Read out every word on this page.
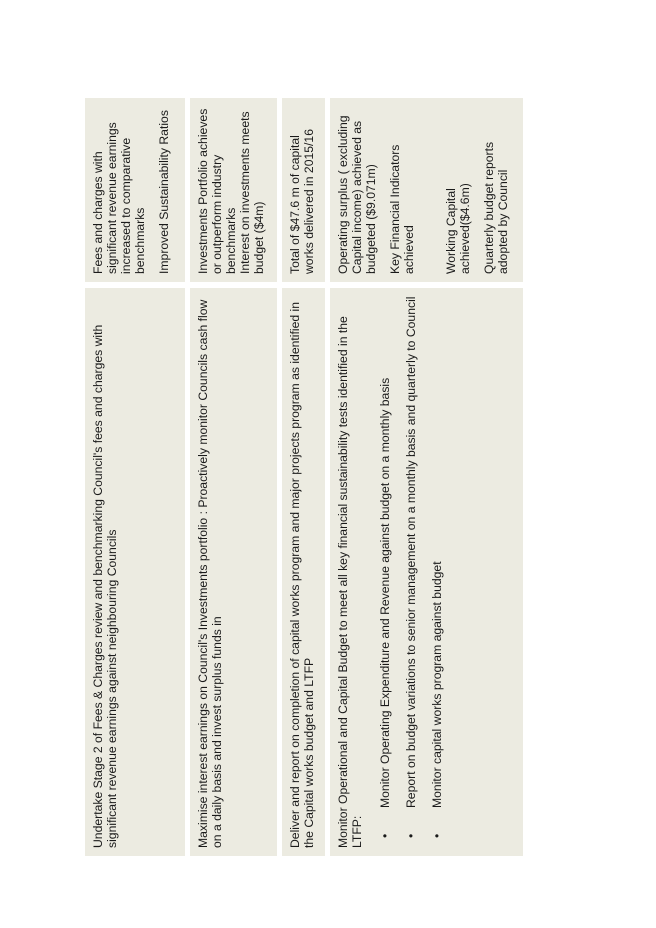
Undertake Stage 2 of Fees & Charges review and benchmarking Council's fees and charges with significant revenue earnings against neighbouring Councils

Fees and charges with significant revenue earnings increased to comparative benchmarks Improved Sustainability Ratios

Maximise interest earnings on Council's Investments portfolio : Proactively monitor Councils cash flow on a daily basis and invest surplus funds in

Investments Portfolio achieves or outperform industry benchmarks Interest on investments meets budget ($4m)

Deliver and report on completion of capital works program and major projects program as identified in the Capital works budget and LTFP

Total of $47.6 m of capital works delivered in 2015/16

Monitor Operational and Capital Budget to meet all key financial sustainability tests identified in the LTFP: •
Monitor Operating Expenditure and Revenue against budget on a monthly basis
•
Report on budget variations to senior management on a monthly basis and quarterly to Council
•
Monitor capital works program against budget

Operating surplus ( excluding Capital income) achieved as budgeted ($9.071m) Key Financial Indicators achieved Working Capital achieved($4.6m) Quarterly budget reports adopted by Council
